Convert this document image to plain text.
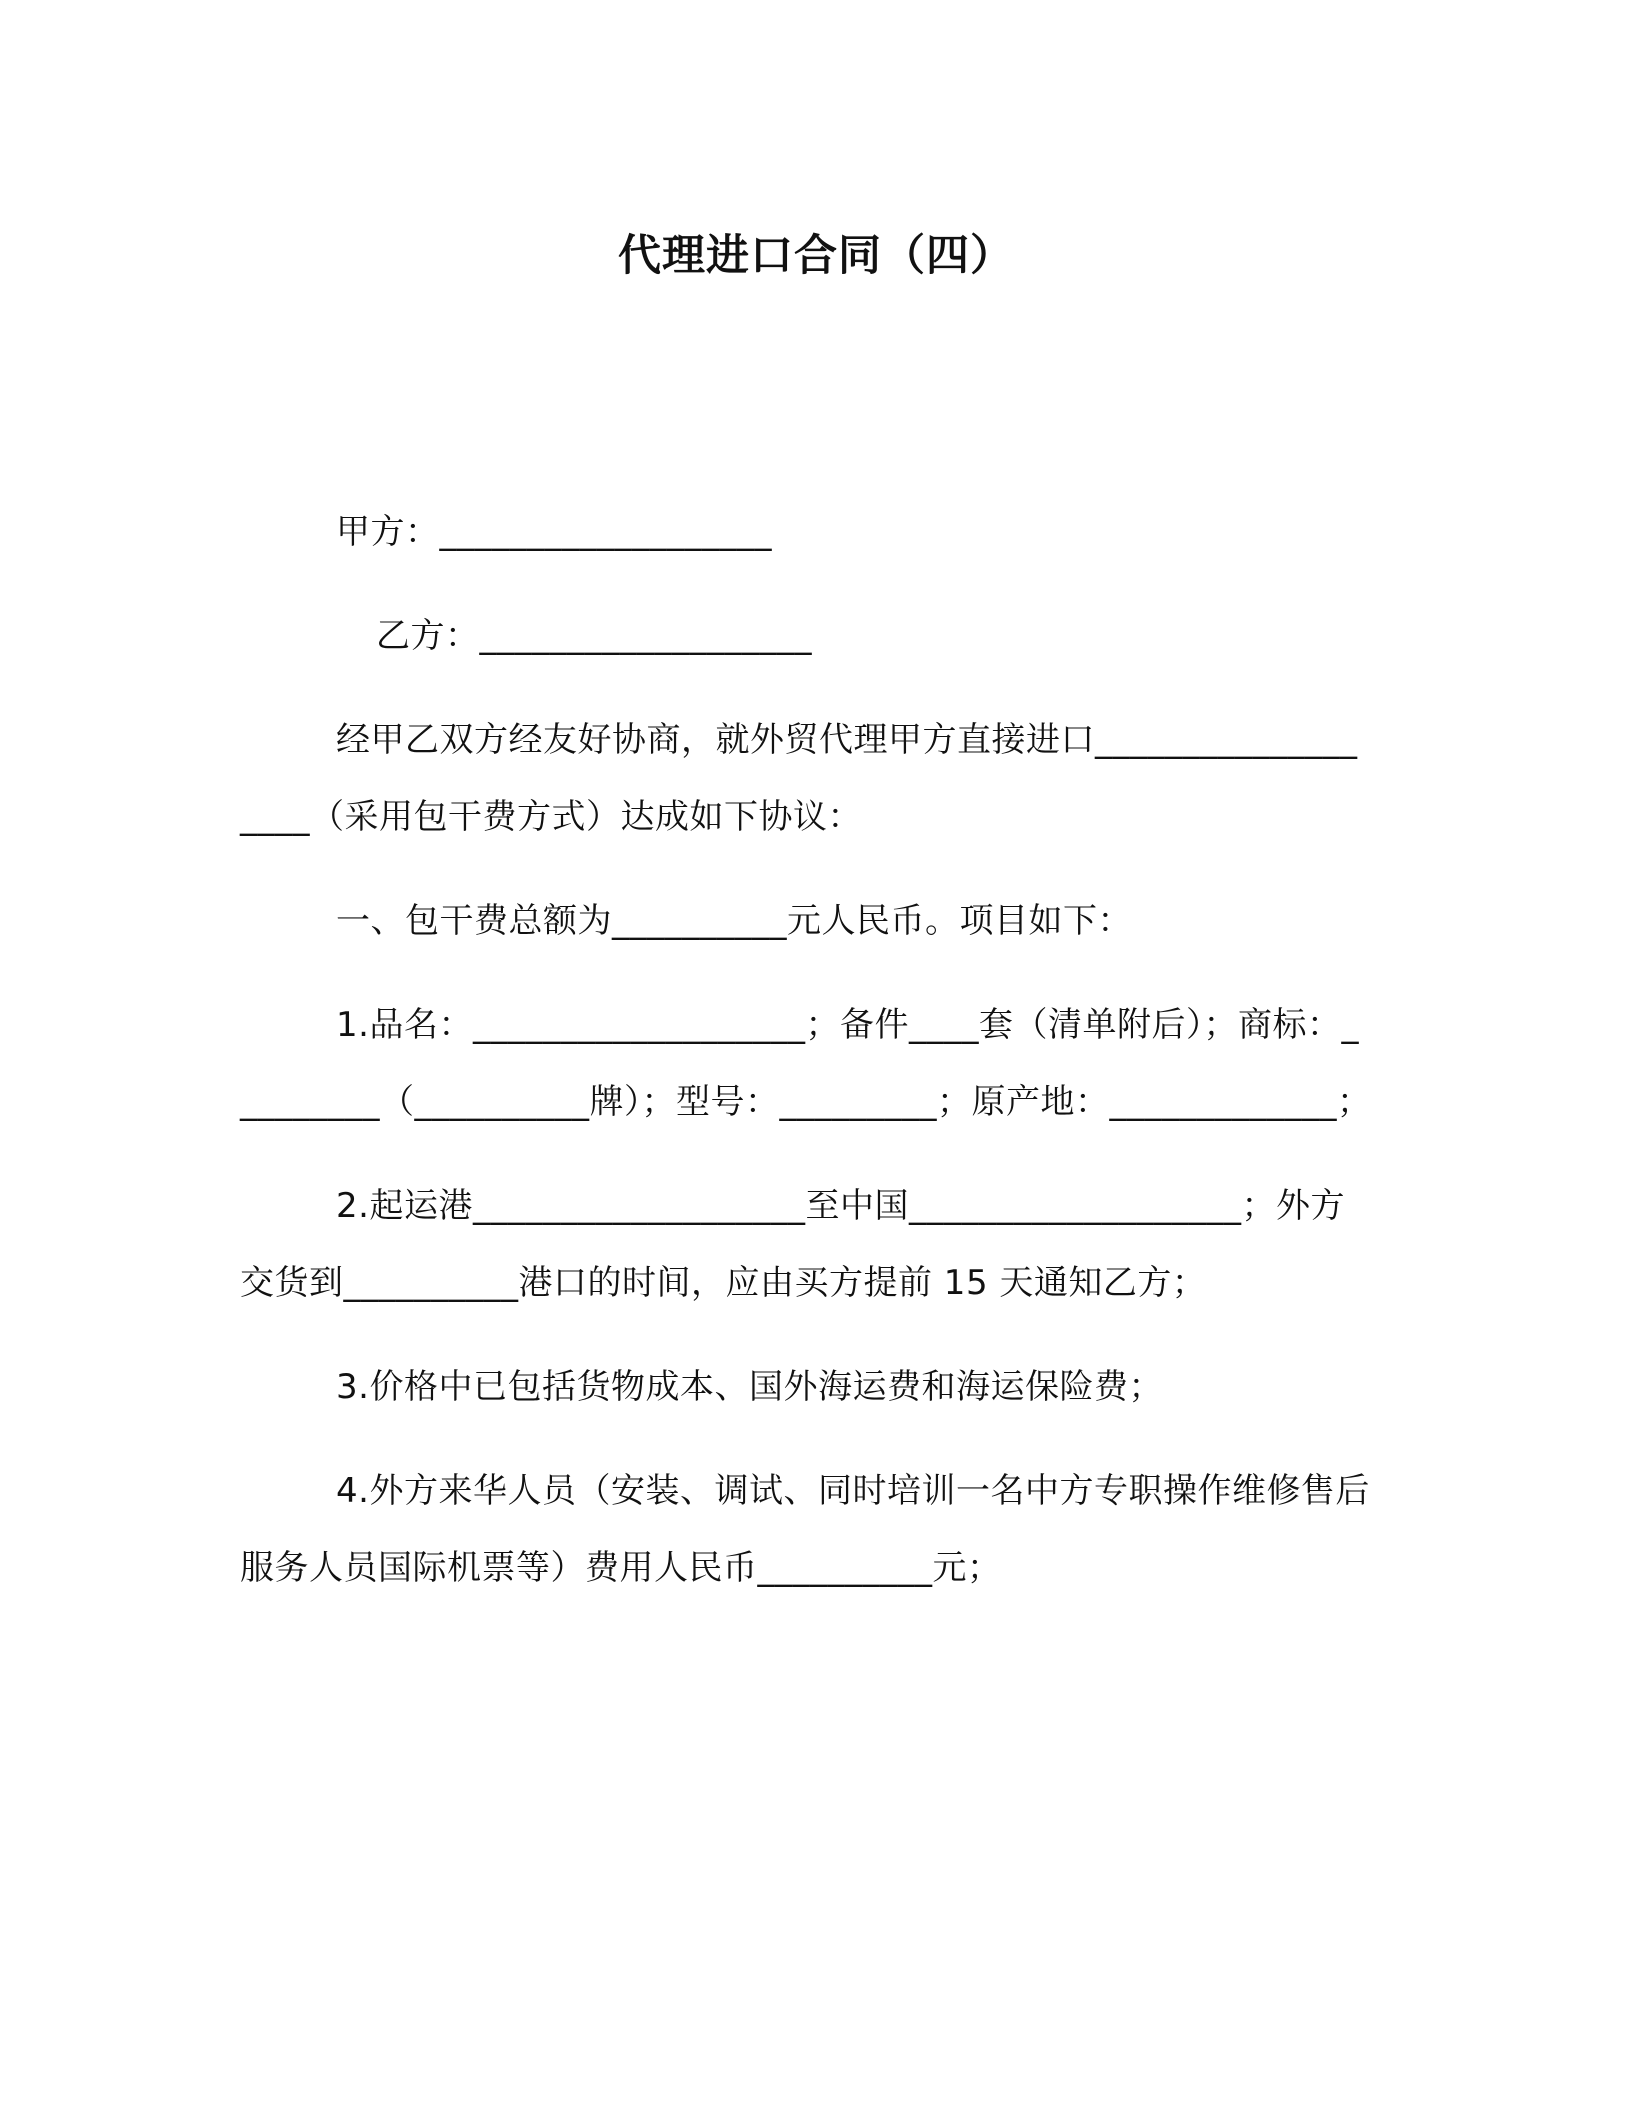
代理进口合同（四）

甲方：___________________

乙方：___________________

经甲乙双方经友好协商，就外贸代理甲方直接进口___________________（采用包干费方式）达成如下协议：

一、包干费总额为__________元人民币。项目如下：

1.品名：___________________；备件____套（清单附后）；商标：_________（__________牌）；型号：_________；原产地：_____________；

2.起运港___________________至中国___________________；外方交货到__________港口的时间，应由买方提前 15 天通知乙方；

3.价格中已包括货物成本、国外海运费和海运保险费；

4.外方来华人员（安装、调试、同时培训一名中方专职操作维修售后服务人员国际机票等）费用人民币__________元；
